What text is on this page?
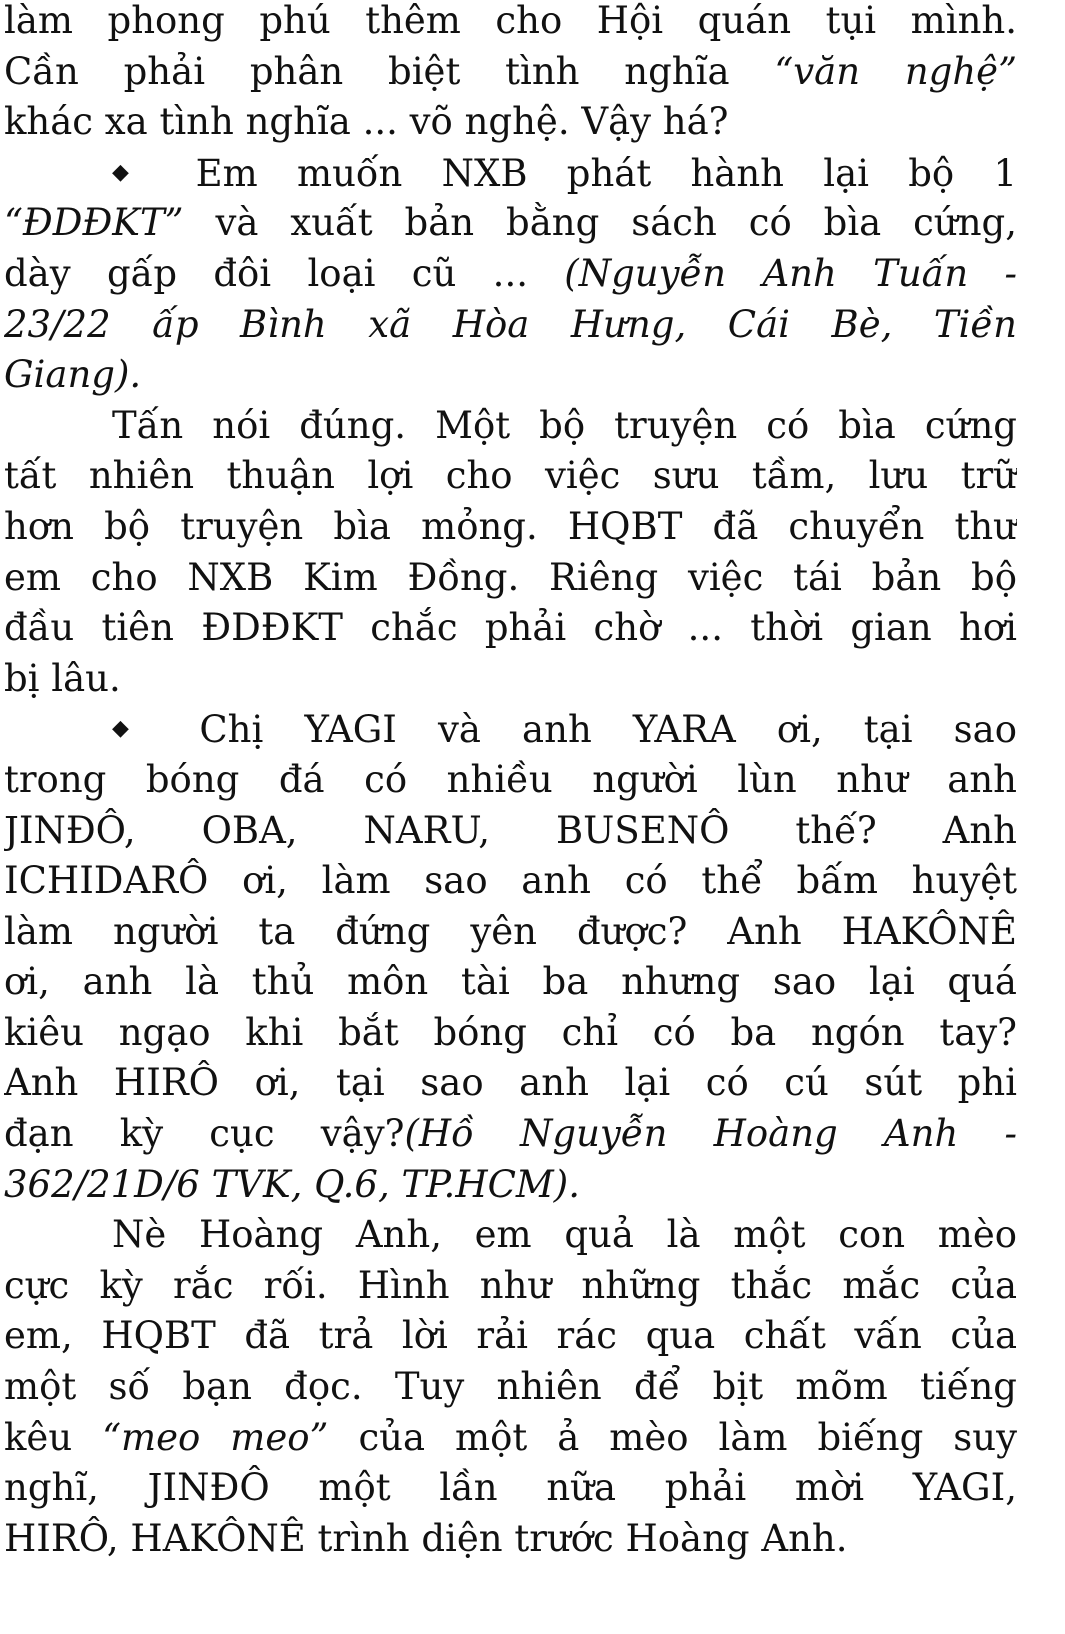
làm phong phú thêm cho Hội quán tụi mình.
Cần phải phân biệt tình nghĩa “văn nghệ”
khác xa tình nghĩa ... võ nghệ. Vậy há?
◆ Em muốn NXB phát hành lại bộ 1
“ĐDĐKT” và xuất bản bằng sách có bìa cứng,
dày gấp đôi loại cũ ... (Nguyễn Anh Tuấn -
23/22 ấp Bình xã Hòa Hưng, Cái Bè, Tiền
Giang).
Tấn nói đúng. Một bộ truyện có bìa cứng
tất nhiên thuận lợi cho việc sưu tầm, lưu trữ
hơn bộ truyện bìa mỏng. HQBT đã chuyển thư
em cho NXB Kim Đồng. Riêng việc tái bản bộ
đầu tiên ĐDĐKT chắc phải chờ ... thời gian hơi
bị lâu.
◆ Chị YAGI và anh YARA ơi, tại sao
trong bóng đá có nhiều người lùn như anh
JINĐÔ, OBA, NARU, BUSENÔ thế? Anh
ICHIDARÔ ơi, làm sao anh có thể bấm huyệt
làm người ta đứng yên được? Anh HAKÔNÊ
ơi, anh là thủ môn tài ba nhưng sao lại quá
kiêu ngạo khi bắt bóng chỉ có ba ngón tay?
Anh HIRÔ ơi, tại sao anh lại có cú sút phi
đạn kỳ cục vậy?(Hồ Nguyễn Hoàng Anh -
362/21D/6 TVK, Q.6, TP.HCM).
Nè Hoàng Anh, em quả là một con mèo
cực kỳ rắc rối. Hình như những thắc mắc của
em, HQBT đã trả lời rải rác qua chất vấn của
một số bạn đọc. Tuy nhiên để bịt mõm tiếng
kêu “meo meo” của một ả mèo làm biếng suy
nghĩ, JINĐÔ một lần nữa phải mời YAGI,
HIRÔ, HAKÔNÊ trình diện trước Hoàng Anh.
